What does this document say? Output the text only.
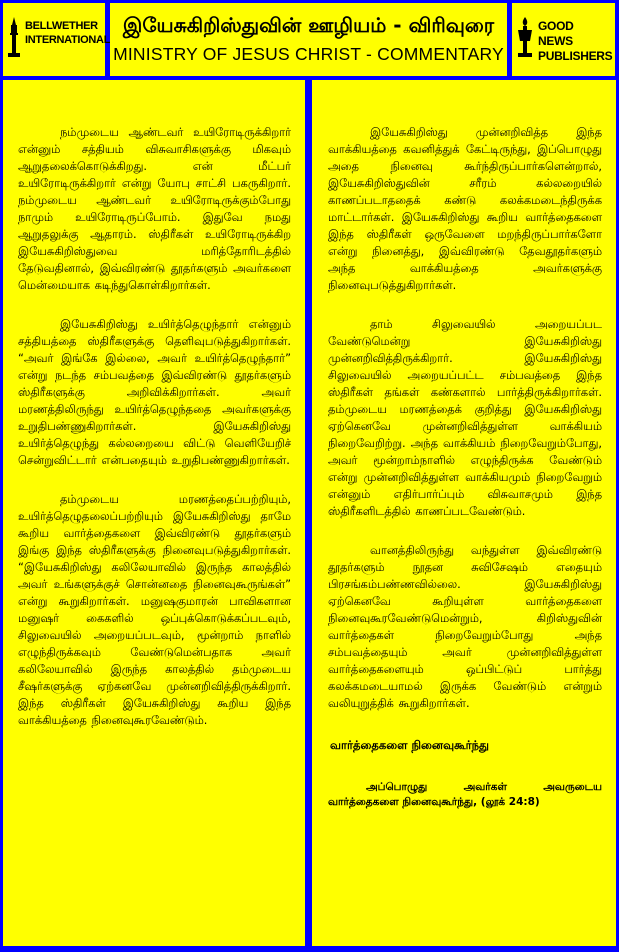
BELLWETHER INTERNATIONAL
இயேசுகிறிஸ்துவின் ஊழியம் - விரிவுரை
MINISTRY OF JESUS CHRIST - COMMENTARY
GOOD NEWS PUBLISHERS

நம்முடைய ஆண்டவர் உயிரோடிருக்கிறார் என்னும் சத்தியம் விசுவாசிகளுக்கு மிகவும் ஆறுதலைக்கொடுக்கிறது. என் மீட்பர் உயிரோடிருக்கிறார் என்று யோபு சாட்சி பகருகிறார். நம்முடைய ஆண்டவர் உயிரோடிருக்கும்போது நாமும் உயிரோடிருப்போம். இதுவே நமது ஆறுதலுக்கு ஆதாரம். ஸ்திரீகள் உயிரோடிருக்கிற இயேசுகிறிஸ்துவை மரித்தோரிடத்தில் தேடுவதினால், இவ்விரண்டு தூதர்களும் அவர்களை மென்மையாக கடிந்துகொள்கிறார்கள்.

இயேசுகிறிஸ்து உயிர்த்தெழுந்தார் என்னும் சத்தியத்தை ஸ்திரீகளுக்கு தெளிவுபடுத்துகிறார்கள். “அவர் இங்கே இல்லை, அவர் உயிர்த்தெழுந்தார்” என்று நடந்த சம்பவத்தை இவ்விரண்டு தூதர்களும் ஸ்திரீகளுக்கு அறிவிக்கிறார்கள். அவர் மரணத்திலிருந்து உயிர்த்தெழுந்ததை அவர்களுக்கு உறுதிபண்ணுகிறார்கள். இயேசுகிறிஸ்து உயிர்த்தெழுந்து கல்லறையை விட்டு வெளியேறிச் சென்றுவிட்டார் என்பதையும் உறுதிபண்ணுகிறார்கள்.

தம்முடைய மரணத்தைப்பற்றியும், உயிர்த்தெழுதலைப்பற்றியும் இயேசுகிறிஸ்து தாமே கூறிய வார்த்தைகளை இவ்விரண்டு தூதர்களும் இங்கு இந்த ஸ்திரீகளுக்கு நினைவுபடுத்துகிறார்கள். “இயேசுகிறிஸ்து கலிலேயாவில் இருந்த காலத்தில் அவர் உங்களுக்குச் சொன்னதை நினைவுகூருங்கள்” என்று கூறுகிறார்கள். மனுஷகுமாரன் பாவிகளான மனுஷர் கைகளில் ஒப்புக்கொடுக்கப்படவும், சிலுவையில் அறையப்படவும், மூன்றாம் நாளில் எழுந்திருக்கவும் வேண்டுமென்பதாக அவர் கலிலேயாவில் இருந்த காலத்தில் தம்முடைய சீஷர்களுக்கு ஏற்கனவே முன்னறிவித்திருக்கிறார். இந்த ஸ்திரீகள் இயேசுகிறிஸ்து கூறிய இந்த வாக்கியத்தை நினைவுகூரவேண்டும்.

இயேசுகிறிஸ்து முன்னறிவித்த இந்த வாக்கியத்தை கவனித்துக் கேட்டிருந்து, இப்பொழுது அதை நினைவு கூர்ந்திருப்பார்களென்றால், இயேசுகிறிஸ்துவின் சரீரம் கல்லறையில் காணப்படாததைக் கண்டு கலக்கமடைந்திருக்க மாட்டார்கள். இயேசுகிறிஸ்து கூறிய வார்த்தைகளை இந்த ஸ்திரீகள் ஒருவேளை மறந்திருப்பார்களோ என்று நினைத்து, இவ்விரண்டு தேவதூதர்களும் அந்த வாக்கியத்தை அவர்களுக்கு நினைவுபடுத்துகிறார்கள்.

தாம் சிலுவையில் அறையப்பட வேண்டுமென்று இயேசுகிறிஸ்து முன்னறிவித்திருக்கிறார். இயேசுகிறிஸ்து சிலுவையில் அறையப்பட்ட சம்பவத்தை இந்த ஸ்திரீகள் தங்கள் கண்களால் பார்த்திருக்கிறார்கள். தம்முடைய மரணத்தைக் குறித்து இயேசுகிறிஸ்து ஏற்கெனவே முன்னறிவித்துள்ள வாக்கியம் நிறைவேறிற்று. அந்த வாக்கியம் நிறைவேறும்போது, அவர் மூன்றாம்நாளில் எழுந்திருக்க வேண்டும் என்று முன்னறிவித்துள்ள வாக்கியமும் நிறைவேறும் என்னும் எதிர்பார்ப்பும் விசுவாசமும் இந்த ஸ்திரீகளிடத்தில் காணப்படவேண்டும்.

வானத்திலிருந்து வந்துள்ள இவ்விரண்டு தூதர்களும் நூதன சுவிசேஷம் எதையும் பிரசங்கம்பண்ணவில்லை. இயேசுகிறிஸ்து ஏற்கெனவே கூறியுள்ள வார்த்தைகளை நினைவுகூரவேண்டுமென்றும், கிறிஸ்துவின் வார்த்தைகள் நிறைவேறும்போது அந்த சம்பவத்தையும் அவர் முன்னறிவித்துள்ள வார்த்தைகளையும் ஒப்பிட்டுப் பார்த்து கலக்கமடையாமல் இருக்க வேண்டும் என்றும் வலியுறுத்திக் கூறுகிறார்கள்.

வார்த்தைகளை நினைவுகூர்ந்து
அப்பொழுது அவர்கள் அவருடைய வார்த்தைகளை நினைவுகூர்ந்து, (லூக் 24:8)
